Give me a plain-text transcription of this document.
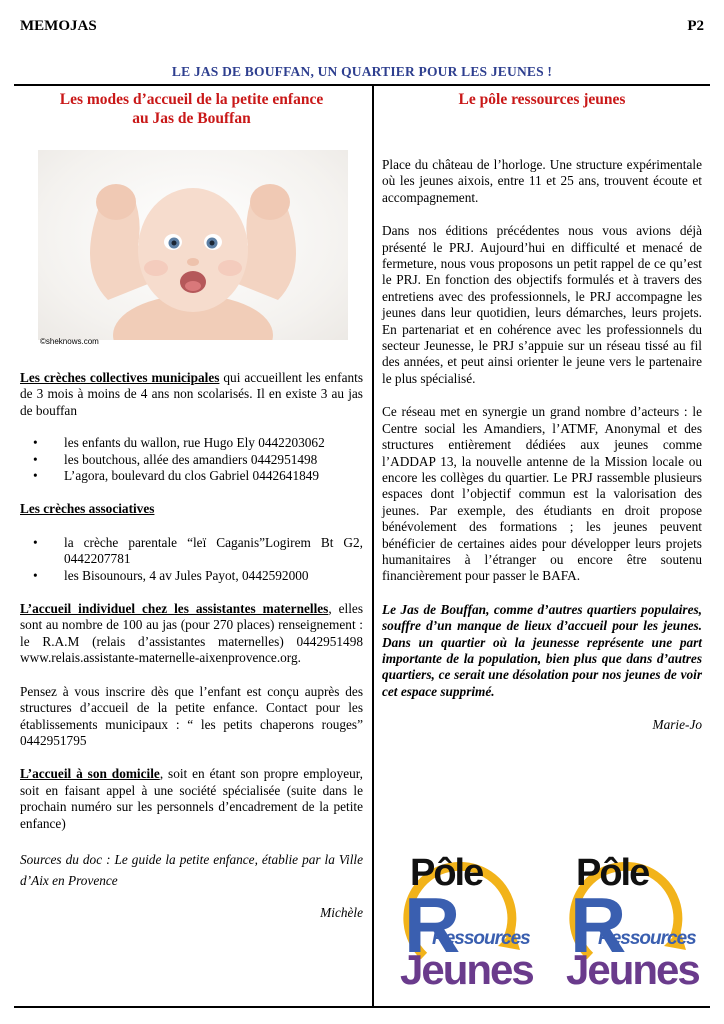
MEMOJAS	P2
LE JAS DE BOUFFAN, UN QUARTIER POUR LES JEUNES !
Les modes d’accueil de la petite enfance
au Jas de Bouffan
©sheknows.com

Les crèches collectives municipales qui accueillent les enfants de 3 mois à moins de 4 ans non scolarisés. Il en existe 3 au jas de bouffan

• les enfants du wallon, rue Hugo Ely 0442203062
• les boutchous, allée des amandiers 0442951498
• L’agora, boulevard du clos Gabriel 0442641849

Les crèches associatives

• la crèche parentale “leï Caganis”Logirem Bt G2, 0442207781
• les Bisounours, 4 av Jules Payot, 0442592000

L’accueil individuel chez les assistantes maternelles, elles sont au nombre de 100 au jas (pour 270 places) renseignement : le R.A.M (relais d’assistantes maternelles) 0442951498 www.relais.assistante-maternelle-aixenprovence.org.

Pensez à vous inscrire dès que l’enfant est conçu auprès des structures d’accueil de la petite enfance. Contact pour les établissements municipaux : “ les petits chaperons rouges” 0442951795

L’accueil à son domicile, soit en étant son propre employeur, soit en faisant appel à une société spécialisée (suite dans le prochain numéro sur les personnels d’encadrement de la petite enfance)

Sources du doc : Le guide la petite enfance, établie par la Ville d’Aix en Provence

Michèle

Le pôle ressources jeunes

Place du château de l’horloge. Une structure expérimentale où les jeunes aixois, entre 11 et 25 ans, trouvent écoute et accompagnement.

Dans nos éditions précédentes nous vous avions déjà présenté le PRJ. Aujourd’hui en difficulté et menacé de fermeture, nous vous proposons un petit rappel de ce qu’est le PRJ. En fonction des objectifs formulés et à travers des entretiens avec des professionnels, le PRJ accompagne les jeunes dans leur quotidien, leurs démarches, leurs projets. En partenariat et en cohérence avec les professionnels du secteur Jeunesse, le PRJ s’appuie sur un réseau tissé au fil des années, et peut ainsi orienter le jeune vers le partenaire le plus spécialisé.

Ce réseau met en synergie un grand nombre d’acteurs : le Centre social les Amandiers, l’ATMF, Anonymal et des structures entièrement dédiées aux jeunes comme l’ADDAP 13, la nouvelle antenne de la Mission locale ou encore les collèges du quartier. Le PRJ rassemble plusieurs espaces dont l’objectif commun est la valorisation des jeunes. Par exemple, des étudiants en droit propose bénévolement des formations ; les jeunes peuvent bénéficier de certaines aides pour développer leurs projets humanitaires à l’étranger ou encore être soutenu financièrement pour passer le BAFA.

Le Jas de Bouffan, comme d’autres quartiers populaires, souffre d’un manque de lieux d’accueil pour les jeunes. Dans un quartier où la jeunesse représente une part importante de la population, bien plus que dans d’autres quartiers, ce serait une désolation pour nos jeunes de voir cet espace supprimé.

Marie-Jo

Pôle
R
Ressources
Jeunes
Pôle
R
Ressources
Jeunes
